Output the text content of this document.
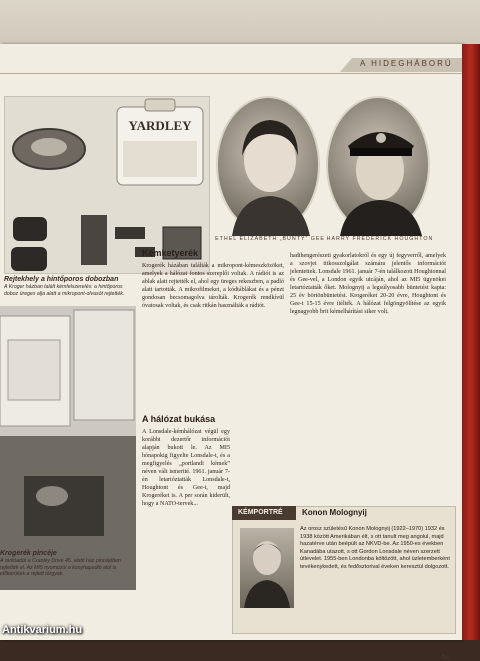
A HIDEGHÁBORÚ
YARDLEY
Rejtekhely a hintőporos dobozban
A Kroger házban talált kémfelszerelés: a hintőporos doboz üreges alja alatt a mikropont-olvasót rejtették.
Krogerék pincéje
A rádióadót a Cranley Drive 45. alatti ház pincéjében rejtették el. Az MI5 nyomozói a konyhapadló alól is előkerültek a rejtett tárgyak.
ETHEL ELIZABETH „BUNTY” GEE HARRY FREDERICK HOUGHTON
Kémketyerék
Krogerék házában találták a mikropont-kémeszközöket, amelyek a hálózat fontos szereplői voltak. A rádiót is az ablak alatt rejtették el, ahol egy üreges rekeszben, a padló alatt tartották. A mikrofilmeket, a kódtáblákat és a pénzt gondosan becsomagolva tárolták. Krogerék rendkívül óvatosak voltak, és csak ritkán használták a rádiót.
A hálózat bukása
A Lonsdale-kémhálózat végül egy korábbi dezertőr információi alapján bukott le. Az MI5 hónapokig figyelte Lonsdale-t, és a megfigyelés „portlandi kémek” néven vált ismertté. 1961. január 7-én letartóztatták Lonsdale-t, Houghtont és Gee-t, majd Krogeréket is. A per során kiderült, hogy a NATO-tervek...
hadihengerészeti gyakorlatokról és egy új fegyverről, amelyek a szovjet titkosszolgálat számára jelentős információt jelentettek. Lonsdale 1961. január 7-én találkozott Houghtonnal és Gee-vel, a London egyik utcáján, ahol az MI5 ügynökei letartóztatták őket. Molognyij a legsúlyosabb büntetést kapta: 25 év börtönbüntetést. Krogeréket 20-20 évre, Houghtont és Gee-t 15-15 évre ítélték. A hálózat felgöngyölítése az egyik legnagyobb brit kémelhárítási siker volt.
KÉMPORTRÉ	Konon Molognyij
Az orosz születésű Konon Molognyij (1922–1970) 1932 és 1938 között Amerikában élt, s ott tanult meg angolul, majd hazatérve után beépült az NKVD-be. Az 1950-es években Kanadába utazott, s ott Gordon Lonsdale néven szerzett útlevelet. 1955-ben Londonba költözött, ahol üzletemberként tevékenykedett, és fedősztorival éveken keresztül dolgozott.
51
Antikvarium.hu
